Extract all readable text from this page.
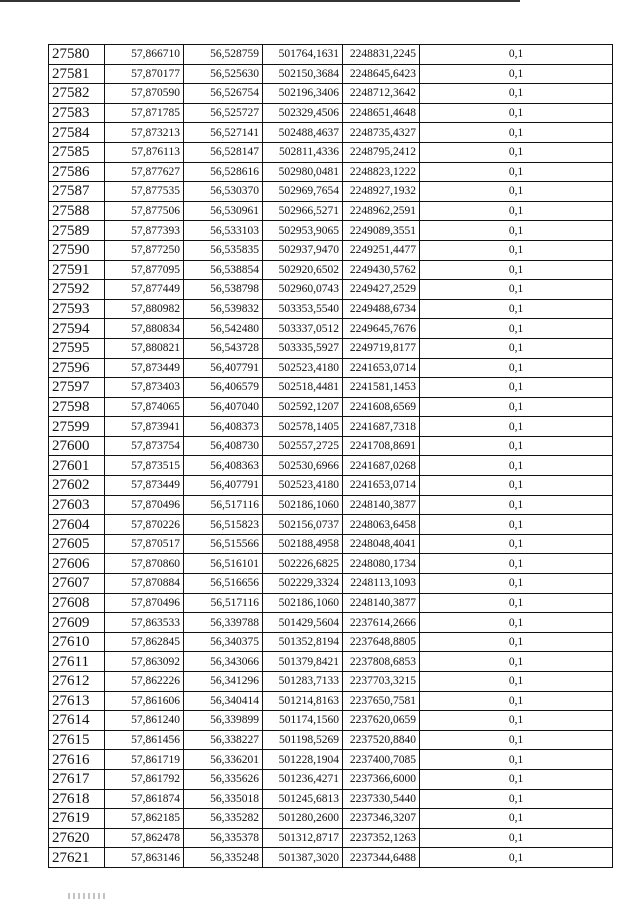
27580	57,866710	56,528759	501764,1631	2248831,2245	0,1
27581	57,870177	56,525630	502150,3684	2248645,6423	0,1
27582	57,870590	56,526754	502196,3406	2248712,3642	0,1
27583	57,871785	56,525727	502329,4506	2248651,4648	0,1
27584	57,873213	56,527141	502488,4637	2248735,4327	0,1
27585	57,876113	56,528147	502811,4336	2248795,2412	0,1
27586	57,877627	56,528616	502980,0481	2248823,1222	0,1
27587	57,877535	56,530370	502969,7654	2248927,1932	0,1
27588	57,877506	56,530961	502966,5271	2248962,2591	0,1
27589	57,877393	56,533103	502953,9065	2249089,3551	0,1
27590	57,877250	56,535835	502937,9470	2249251,4477	0,1
27591	57,877095	56,538854	502920,6502	2249430,5762	0,1
27592	57,877449	56,538798	502960,0743	2249427,2529	0,1
27593	57,880982	56,539832	503353,5540	2249488,6734	0,1
27594	57,880834	56,542480	503337,0512	2249645,7676	0,1
27595	57,880821	56,543728	503335,5927	2249719,8177	0,1
27596	57,873449	56,407791	502523,4180	2241653,0714	0,1
27597	57,873403	56,406579	502518,4481	2241581,1453	0,1
27598	57,874065	56,407040	502592,1207	2241608,6569	0,1
27599	57,873941	56,408373	502578,1405	2241687,7318	0,1
27600	57,873754	56,408730	502557,2725	2241708,8691	0,1
27601	57,873515	56,408363	502530,6966	2241687,0268	0,1
27602	57,873449	56,407791	502523,4180	2241653,0714	0,1
27603	57,870496	56,517116	502186,1060	2248140,3877	0,1
27604	57,870226	56,515823	502156,0737	2248063,6458	0,1
27605	57,870517	56,515566	502188,4958	2248048,4041	0,1
27606	57,870860	56,516101	502226,6825	2248080,1734	0,1
27607	57,870884	56,516656	502229,3324	2248113,1093	0,1
27608	57,870496	56,517116	502186,1060	2248140,3877	0,1
27609	57,863533	56,339788	501429,5604	2237614,2666	0,1
27610	57,862845	56,340375	501352,8194	2237648,8805	0,1
27611	57,863092	56,343066	501379,8421	2237808,6853	0,1
27612	57,862226	56,341296	501283,7133	2237703,3215	0,1
27613	57,861606	56,340414	501214,8163	2237650,7581	0,1
27614	57,861240	56,339899	501174,1560	2237620,0659	0,1
27615	57,861456	56,338227	501198,5269	2237520,8840	0,1
27616	57,861719	56,336201	501228,1904	2237400,7085	0,1
27617	57,861792	56,335626	501236,4271	2237366,6000	0,1
27618	57,861874	56,335018	501245,6813	2237330,5440	0,1
27619	57,862185	56,335282	501280,2600	2237346,3207	0,1
27620	57,862478	56,335378	501312,8717	2237352,1263	0,1
27621	57,863146	56,335248	501387,3020	2237344,6488	0,1
